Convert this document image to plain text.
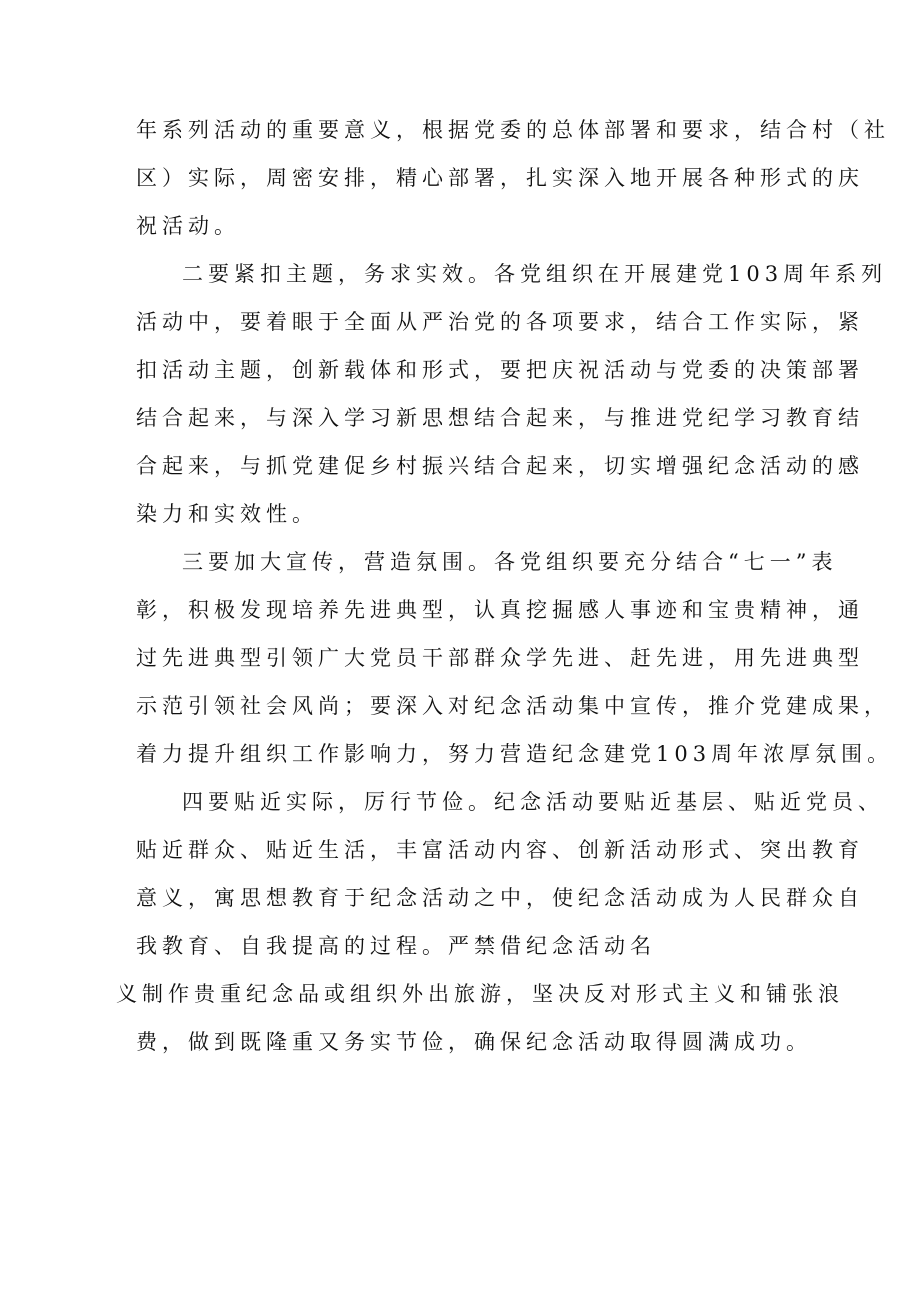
年系列活动的重要意义，根据党委的总体部署和要求，结合村（社
区）实际，周密安排，精心部署，扎实深入地开展各种形式的庆
祝活动。
二要紧扣主题，务求实效。各党组织在开展建党103周年系列
活动中，要着眼于全面从严治党的各项要求，结合工作实际，紧
扣活动主题，创新载体和形式，要把庆祝活动与党委的决策部署
结合起来，与深入学习新思想结合起来，与推进党纪学习教育结
合起来，与抓党建促乡村振兴结合起来，切实增强纪念活动的感
染力和实效性。
三要加大宣传，营造氛围。各党组织要充分结合“七一”表
彰，积极发现培养先进典型，认真挖掘感人事迹和宝贵精神，通
过先进典型引领广大党员干部群众学先进、赶先进，用先进典型
示范引领社会风尚；要深入对纪念活动集中宣传，推介党建成果，
着力提升组织工作影响力，努力营造纪念建党103周年浓厚氛围。
四要贴近实际，厉行节俭。纪念活动要贴近基层、贴近党员、
贴近群众、贴近生活，丰富活动内容、创新活动形式、突出教育
意义，寓思想教育于纪念活动之中，使纪念活动成为人民群众自
我教育、自我提高的过程。严禁借纪念活动名
义制作贵重纪念品或组织外出旅游，坚决反对形式主义和铺张浪
费，做到既隆重又务实节俭，确保纪念活动取得圆满成功。
